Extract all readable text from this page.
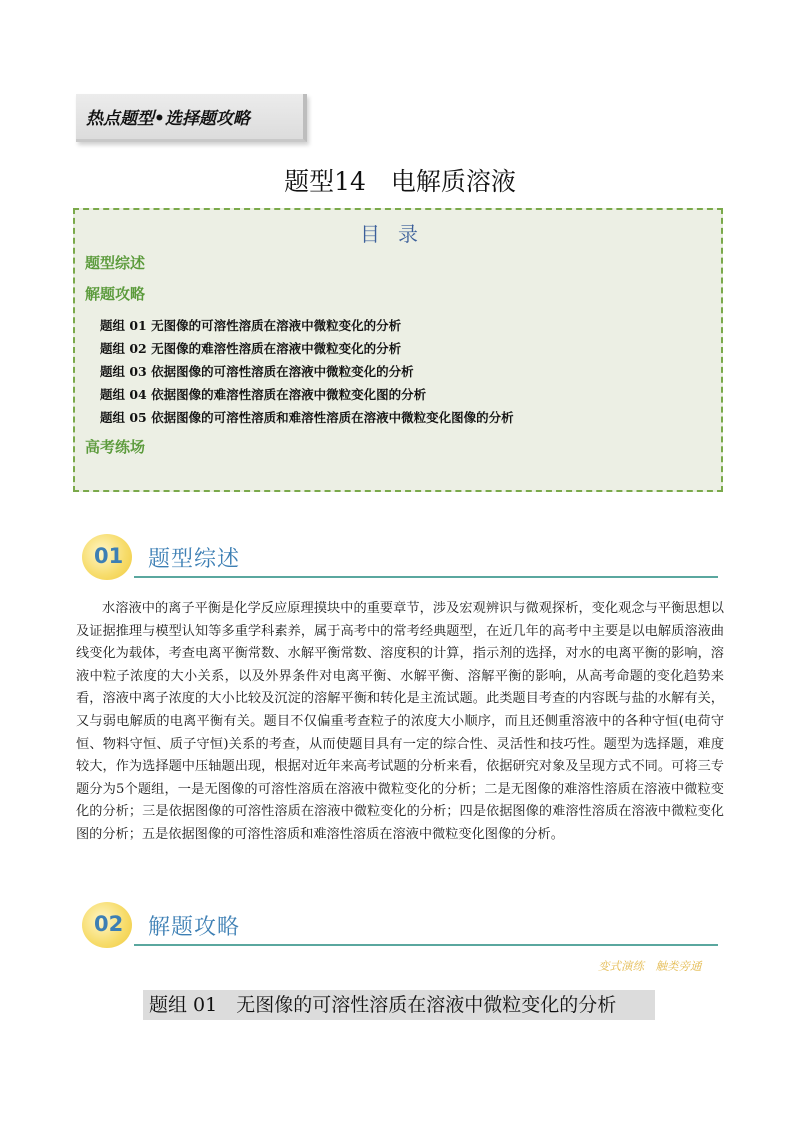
热点题型•选择题攻略
题型14　电解质溶液
目录
题型综述
解题攻略
题组 01 无图像的可溶性溶质在溶液中微粒变化的分析
题组 02 无图像的难溶性溶质在溶液中微粒变化的分析
题组 03 依据图像的可溶性溶质在溶液中微粒变化的分析
题组 04 依据图像的难溶性溶质在溶液中微粒变化图的分析
题组 05 依据图像的可溶性溶质和难溶性溶质在溶液中微粒变化图像的分析
高考练场
01 题型综述
水溶液中的离子平衡是化学反应原理摸块中的重要章节，涉及宏观辨识与微观探析，变化观念与平衡思想以及证据推理与模型认知等多重学科素养，属于高考中的常考经典题型，在近几年的高考中主要是以电解质溶液曲线变化为载体，考查电离平衡常数、水解平衡常数、溶度积的计算，指示剂的选择，对水的电离平衡的影响，溶液中粒子浓度的大小关系，以及外界条件对电离平衡、水解平衡、溶解平衡的影响，从高考命题的变化趋势来看，溶液中离子浓度的大小比较及沉淀的溶解平衡和转化是主流试题。此类题目考查的内容既与盐的水解有关，又与弱电解质的电离平衡有关。题目不仅偏重考查粒子的浓度大小顺序，而且还侧重溶液中的各种守恒(电荷守恒、物料守恒、质子守恒)关系的考查，从而使题目具有一定的综合性、灵活性和技巧性。题型为选择题，难度较大，作为选择题中压轴题出现，根据对近年来高考试题的分析来看，依据研究对象及呈现方式不同。可将三专题分为5个题组，一是无图像的可溶性溶质在溶液中微粒变化的分析；二是无图像的难溶性溶质在溶液中微粒变化的分析；三是依据图像的可溶性溶质在溶液中微粒变化的分析；四是依据图像的难溶性溶质在溶液中微粒变化图的分析；五是依据图像的可溶性溶质和难溶性溶质在溶液中微粒变化图像的分析。
02 解题攻略
变式演练　触类旁通
题组 01　无图像的可溶性溶质在溶液中微粒变化的分析
